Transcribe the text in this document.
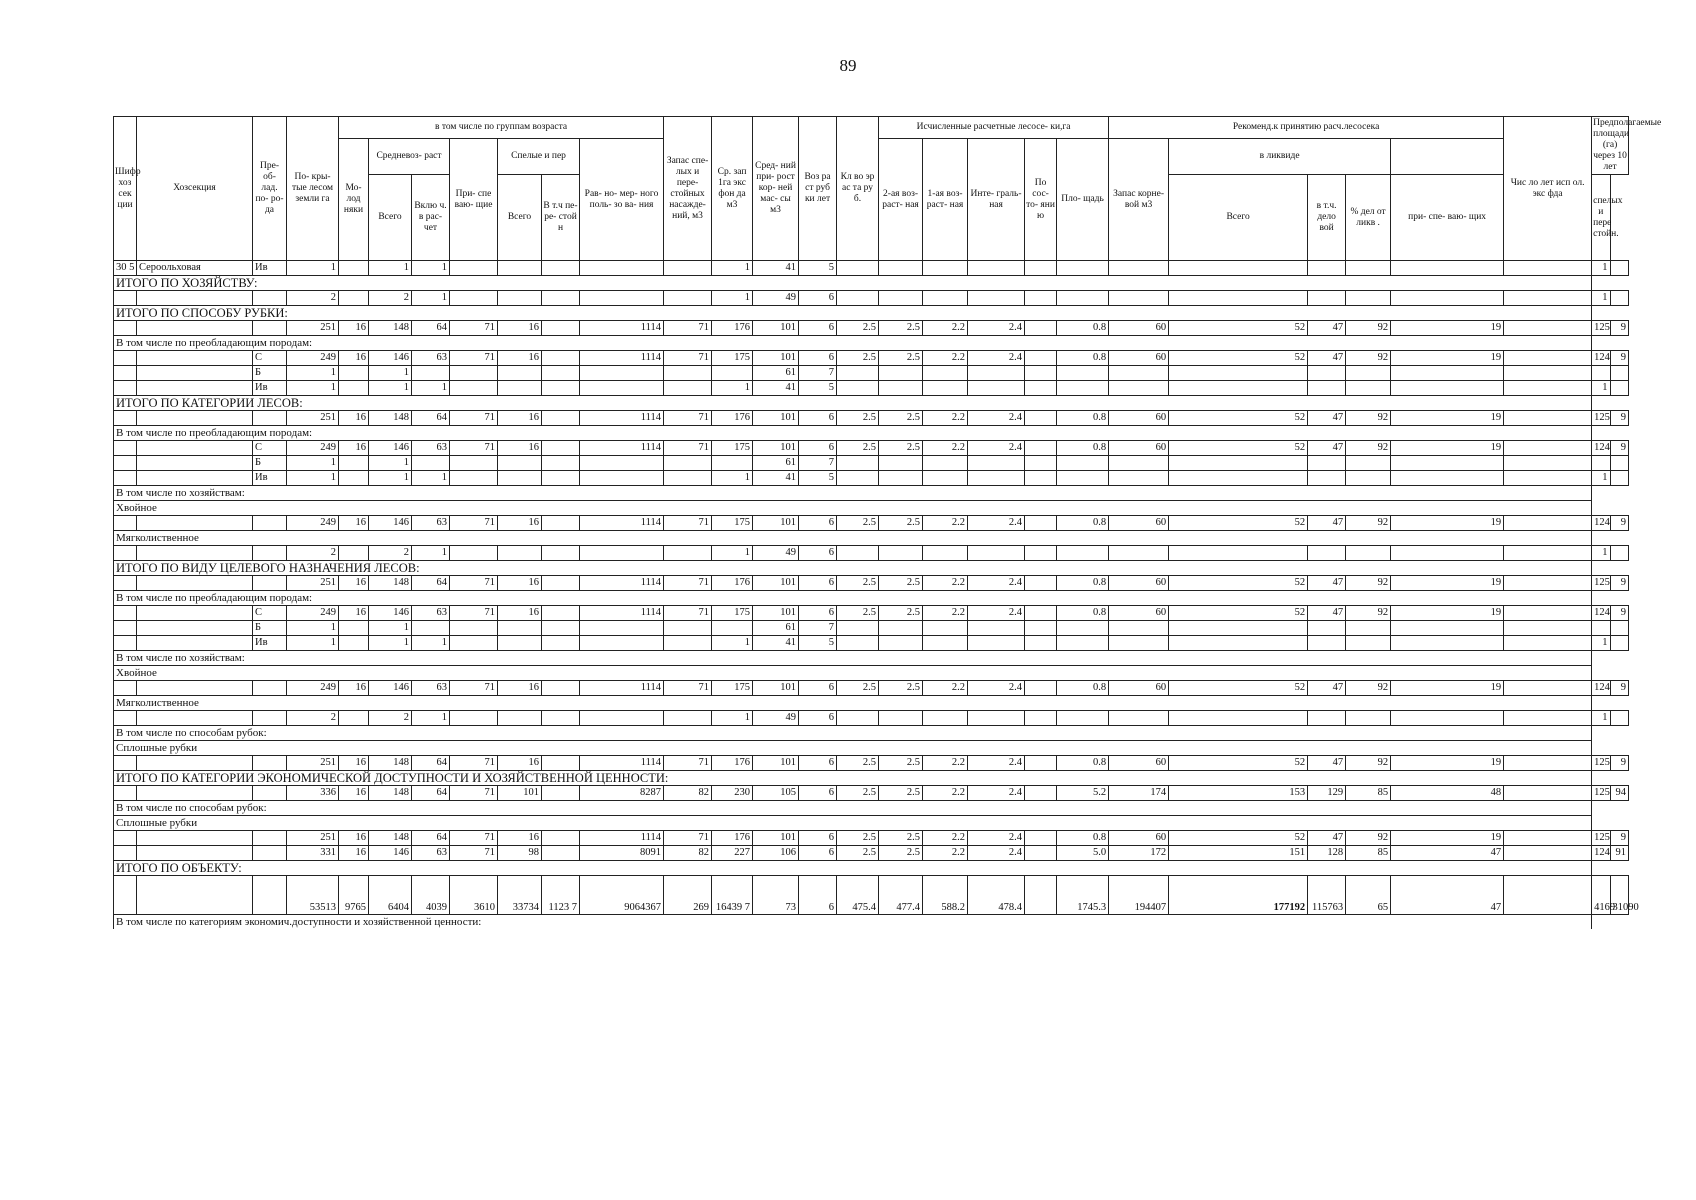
89
Шифр хоз сек ции	Хозсекция	Пре- об- лад. по- ро- да	По- кры- тые лесом земли га	в том числе по группам возраста							Запас спе- лых и пере- стойных насажде- ний, м3	Ср. зап 1га экс фон да м3	Сред- ний при- рост кор- ней мас- сы м3	Воз ра ст руб ки лет	Кл во эр ас та ру б.	Исчисленные расчетные лесосе- ки,га					Рекоменд.к принятию расч.лесосека					Чис ло лет исп ол. экс фда	Предполагаемые площади (га) через 10 лет	
				Мо- лод няки	Средневоз- раст		При- спе ваю- щие	Спелые и пер		Рав- но- мер- ного поль- зо ва- ния						2-ая воз- раст- ная	1-ая воз- раст- ная	Инте- граль- ная	По сос- то- яни ю	Пло- щадь	Запас корне- вой м3	в ликвиде						
					Всего	Вклю ч. в рас- чет		Всего	В т.ч пе- ре- стой н													Всего	в т.ч. дело вой	% дел от ликв .	при- спе- ваю- щих		спелых и пере стойн.	
30 5	Сероольховая	Ив	1		1	1						1	41	5													1	
ИТОГО ПО ХОЗЯЙСТВУ:																												
			2		2	1						1	49	6													1	
ИТОГО ПО СПОСОБУ РУБКИ:																												
			251	16	148	64	71	16		1114	71	176	101	6	2.5	2.5	2.2	2.4		0.8	60	52	47	92	19		125	9
В том числе по преобладающим породам:																												
		С	249	16	146	63	71	16		1114	71	175	101	6	2.5	2.5	2.2	2.4		0.8	60	52	47	92	19		124	9
		Б	1		1								61	7														
		Ив	1		1	1						1	41	5													1	
ИТОГО ПО КАТЕГОРИИ ЛЕСОВ:																												
			251	16	148	64	71	16		1114	71	176	101	6	2.5	2.5	2.2	2.4		0.8	60	52	47	92	19		125	9
В том числе по преобладающим породам:																												
		С	249	16	146	63	71	16		1114	71	175	101	6	2.5	2.5	2.2	2.4		0.8	60	52	47	92	19		124	9
		Б	1		1								61	7														
		Ив	1		1	1						1	41	5													1	
В том числе по хозяйствам:																												
Хвойное																												
			249	16	146	63	71	16		1114	71	175	101	6	2.5	2.5	2.2	2.4		0.8	60	52	47	92	19		124	9
Мягколиственное																												
			2		2	1						1	49	6													1	
ИТОГО ПО ВИДУ ЦЕЛЕВОГО НАЗНАЧЕНИЯ ЛЕСОВ:																												
			251	16	148	64	71	16		1114	71	176	101	6	2.5	2.5	2.2	2.4		0.8	60	52	47	92	19		125	9
В том числе по преобладающим породам:																												
		С	249	16	146	63	71	16		1114	71	175	101	6	2.5	2.5	2.2	2.4		0.8	60	52	47	92	19		124	9
		Б	1		1								61	7														
		Ив	1		1	1						1	41	5													1	
В том числе по хозяйствам:																												
Хвойное																												
			249	16	146	63	71	16		1114	71	175	101	6	2.5	2.5	2.2	2.4		0.8	60	52	47	92	19		124	9
Мягколиственное																												
			2		2	1						1	49	6													1	
В том числе по способам рубок:																												
Сплошные рубки																												
			251	16	148	64	71	16		1114	71	176	101	6	2.5	2.5	2.2	2.4		0.8	60	52	47	92	19		125	9
ИТОГО ПО КАТЕГОРИИ ЭКОНОМИЧЕСКОЙ ДОСТУПНОСТИ И ХОЗЯЙСТВЕННОЙ ЦЕННОСТИ:																												
			336	16	148	64	71	101		8287	82	230	105	6	2.5	2.5	2.2	2.4		5.2	174	153	129	85	48		125	94
В том числе по способам рубок:																												
Сплошные рубки																												
			251	16	148	64	71	16		1114	71	176	101	6	2.5	2.5	2.2	2.4		0.8	60	52	47	92	19		125	9
			331	16	146	63	71	98		8091	82	227	106	6	2.5	2.5	2.2	2.4		5.0	172	151	128	85	47		124	91
ИТОГО ПО ОБЪЕКТУ:																												
			53513	9765	6404	4039	3610	33734	1123 7	9064367	269	16439 7	73	6	475.4	477.4	588.2	478.4		1745.3	194407	177192	115763	65	47		4169	31090
В том числе по категориям экономич.доступности и хозяйственной ценности:																												
